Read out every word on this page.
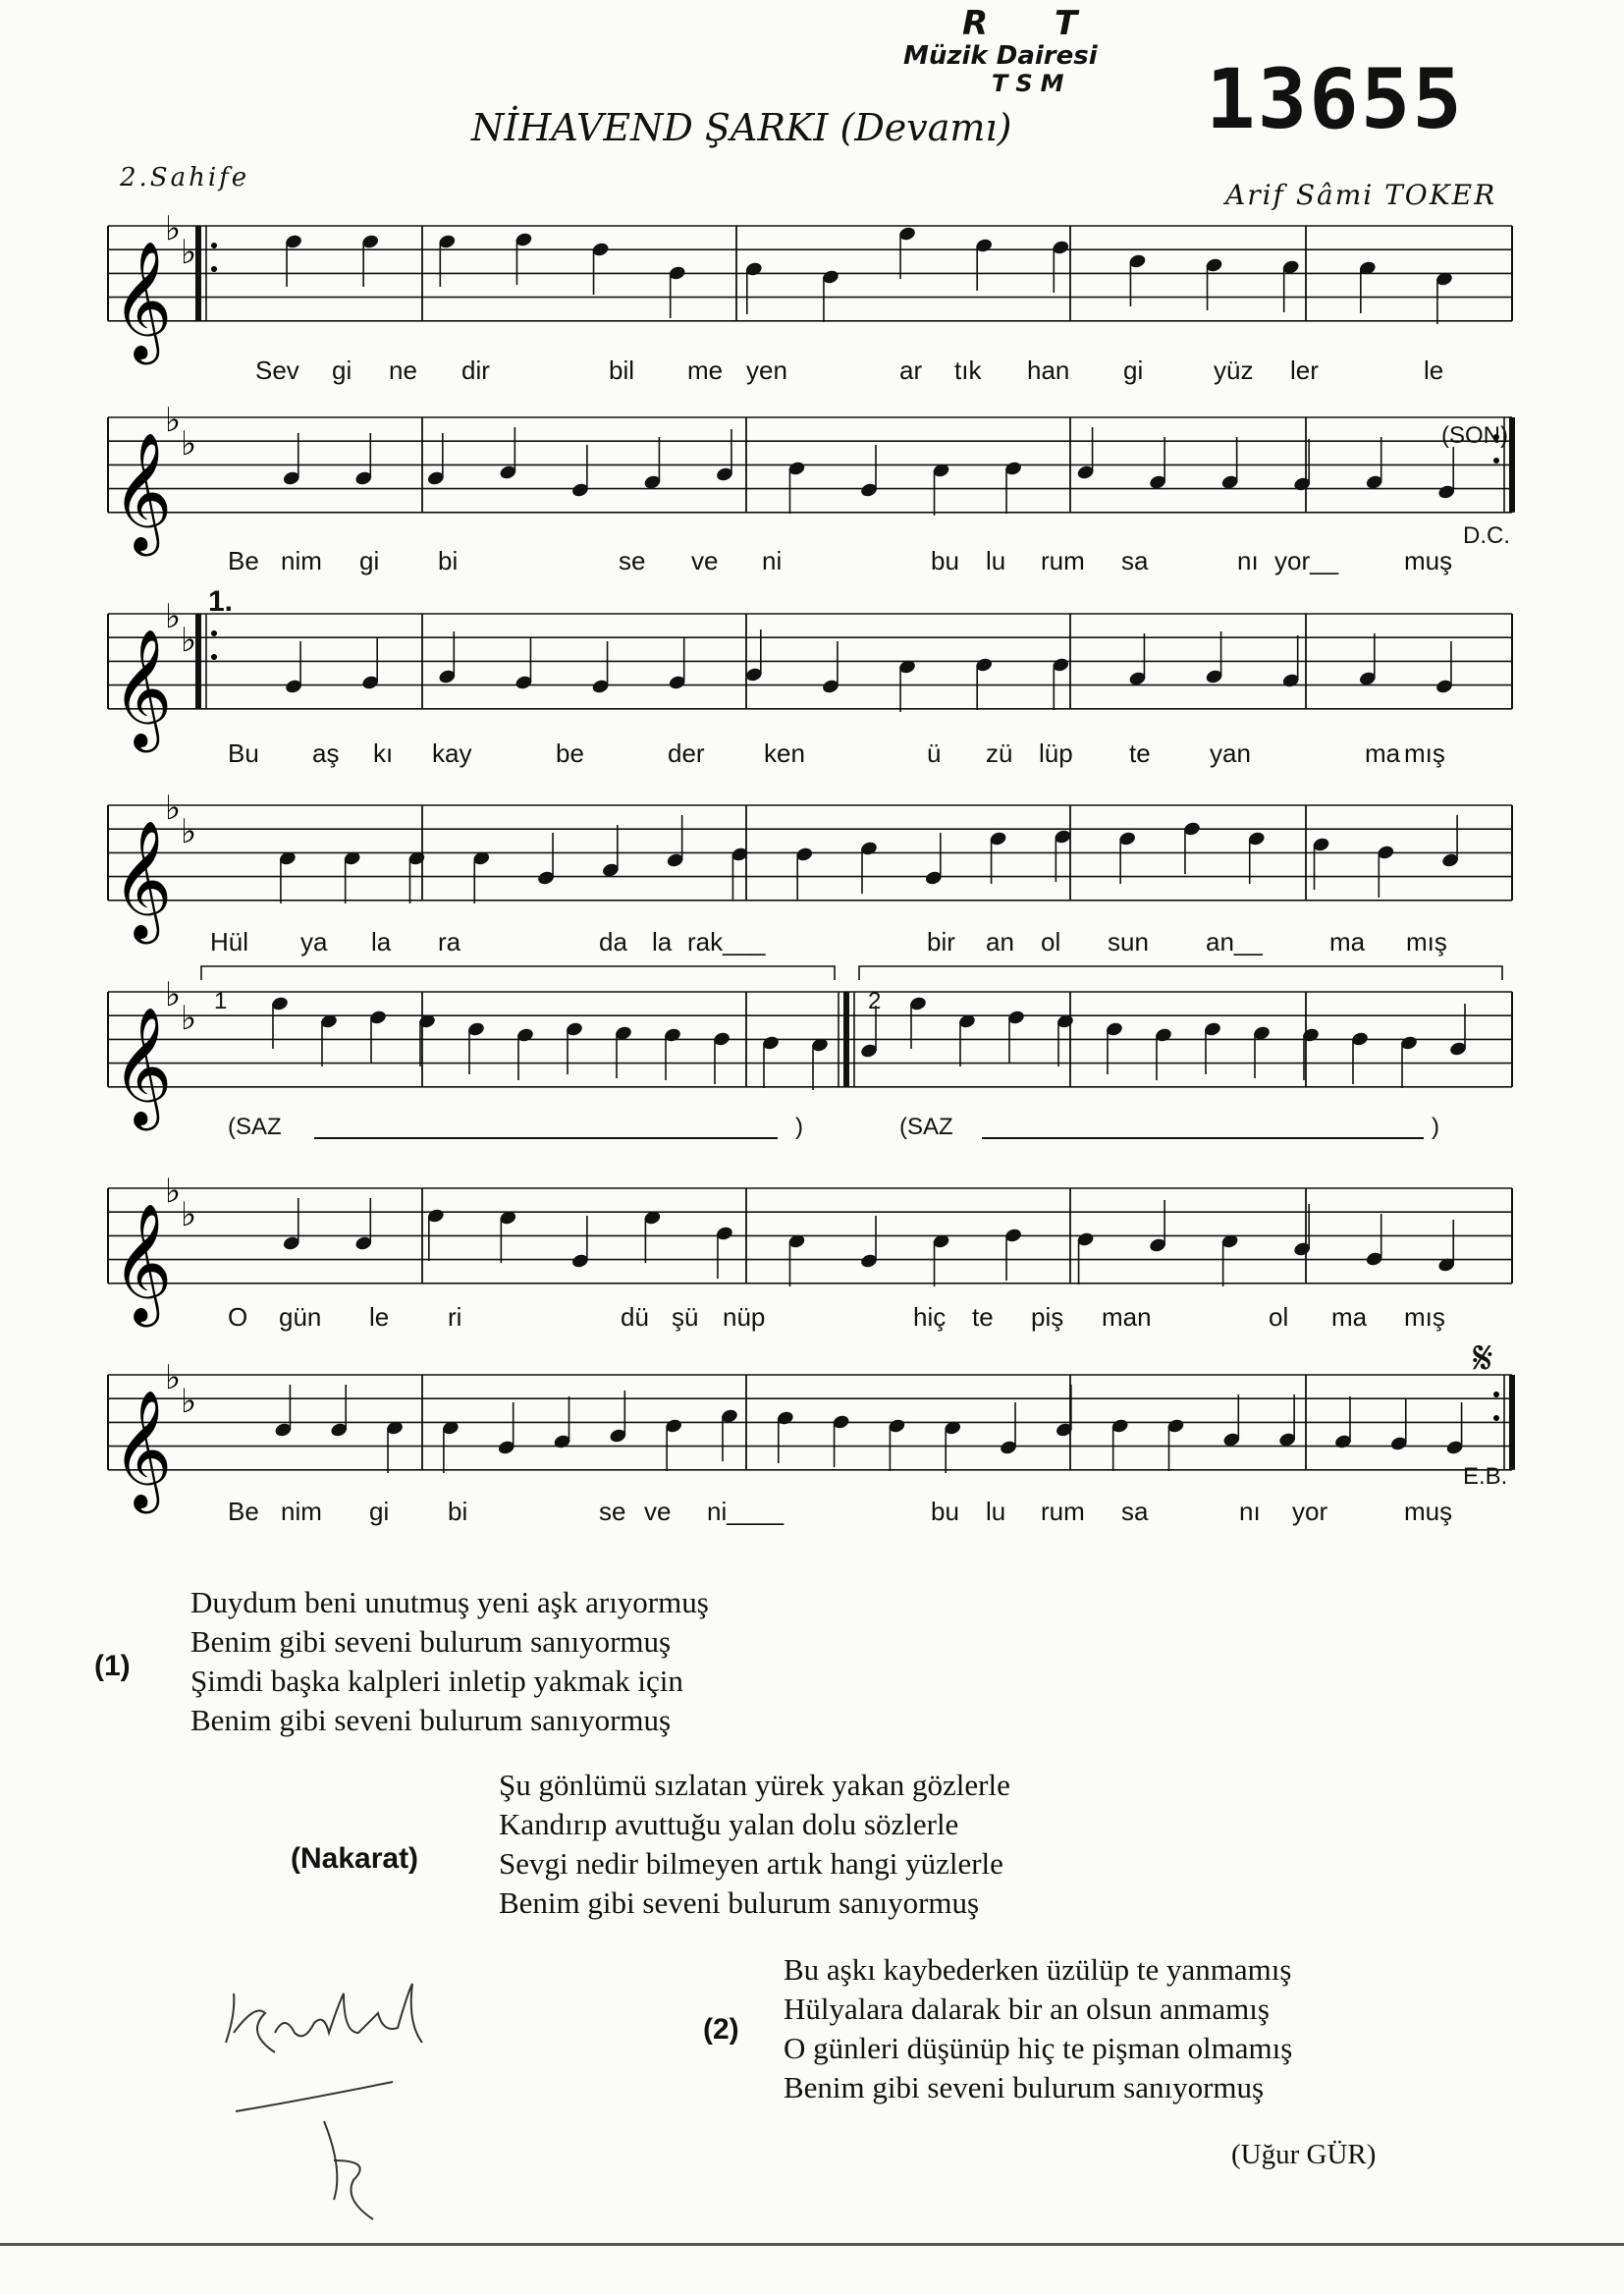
R T
Müzik Dairesi
TSM	13655
NİHAVEND ŞARKI (Devamı)
2.Sahife
Arif Sâmi TOKER
𝄞
♭
♭
Sev gi ne dir	bil me yen	ar tık han gi	yüz ler	le
𝄞
♭
♭
Be nim gi bi	se ve ni	bu lu rum sa	nı yor__	muş
𝄞
♭
♭
Bu aş kı kay	be	der ken	ü zü lüp te yan	ma mış
𝄞
♭
♭
Hül ya la ra	da la rak___	bir an ol sun an__	ma mış
𝄞
♭
♭
𝄞
♭
♭
O gün le ri	dü şü nüp	hiç te piş man	ol ma mış
𝄞
♭
♭
Be nim gi bi	se ve ni____	bu lu rum sa	nı yor	muş
(SON)
D.C.
1.
1	2
(SAZ	)	(SAZ	)
𝄋
E.B.
(1)
Duydum beni unutmuş yeni aşk arıyormuş
Benim gibi seveni bulurum sanıyormuş
Şimdi başka kalpleri inletip yakmak için
Benim gibi seveni bulurum sanıyormuş
(Nakarat)
Şu gönlümü sızlatan yürek yakan gözlerle
Kandırıp avuttuğu yalan dolu sözlerle
Sevgi nedir bilmeyen artık hangi yüzlerle
Benim gibi seveni bulurum sanıyormuş
(2)
Bu aşkı kaybederken üzülüp te yanmamış
Hülyalara dalarak bir an olsun anmamış
O günleri düşünüp hiç te pişman olmamış
Benim gibi seveni bulurum sanıyormuş
(Uğur GÜR)
